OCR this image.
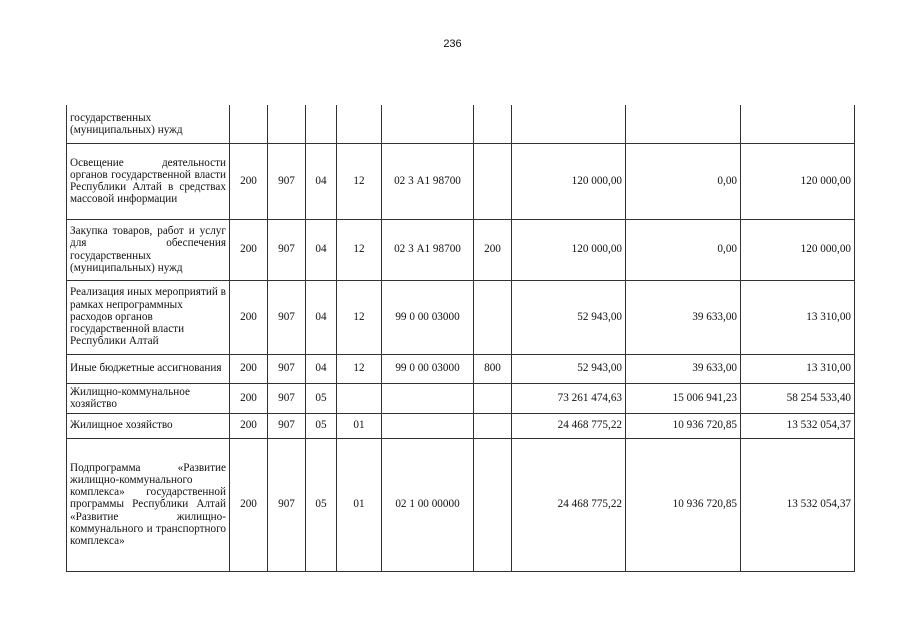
236
государственных (муниципальных) нужд									
Освещение деятельности органов государственной власти Республики Алтай в средствах массовой информации	200	907	04	12	02 3 А1 98700		120 000,00	0,00	120 000,00
Закупка товаров, работ и услуг для обеспечения государственных (муниципальных) нужд	200	907	04	12	02 3 А1 98700	200	120 000,00	0,00	120 000,00
Реализация иных мероприятий в рамках непрограммных расходов органов государственной власти Республики Алтай	200	907	04	12	99 0 00 03000		52 943,00	39 633,00	13 310,00
Иные бюджетные ассигнования	200	907	04	12	99 0 00 03000	800	52 943,00	39 633,00	13 310,00
Жилищно-коммунальное хозяйство	200	907	05				73 261 474,63	15 006 941,23	58 254 533,40
Жилищное хозяйство	200	907	05	01			24 468 775,22	10 936 720,85	13 532 054,37
Подпрограмма «Развитие жилищно-коммунального комплекса» государственной программы Республики Алтай «Развитие жилищно-коммунального и транспортного комплекса»	200	907	05	01	02 1 00 00000		24 468 775,22	10 936 720,85	13 532 054,37
